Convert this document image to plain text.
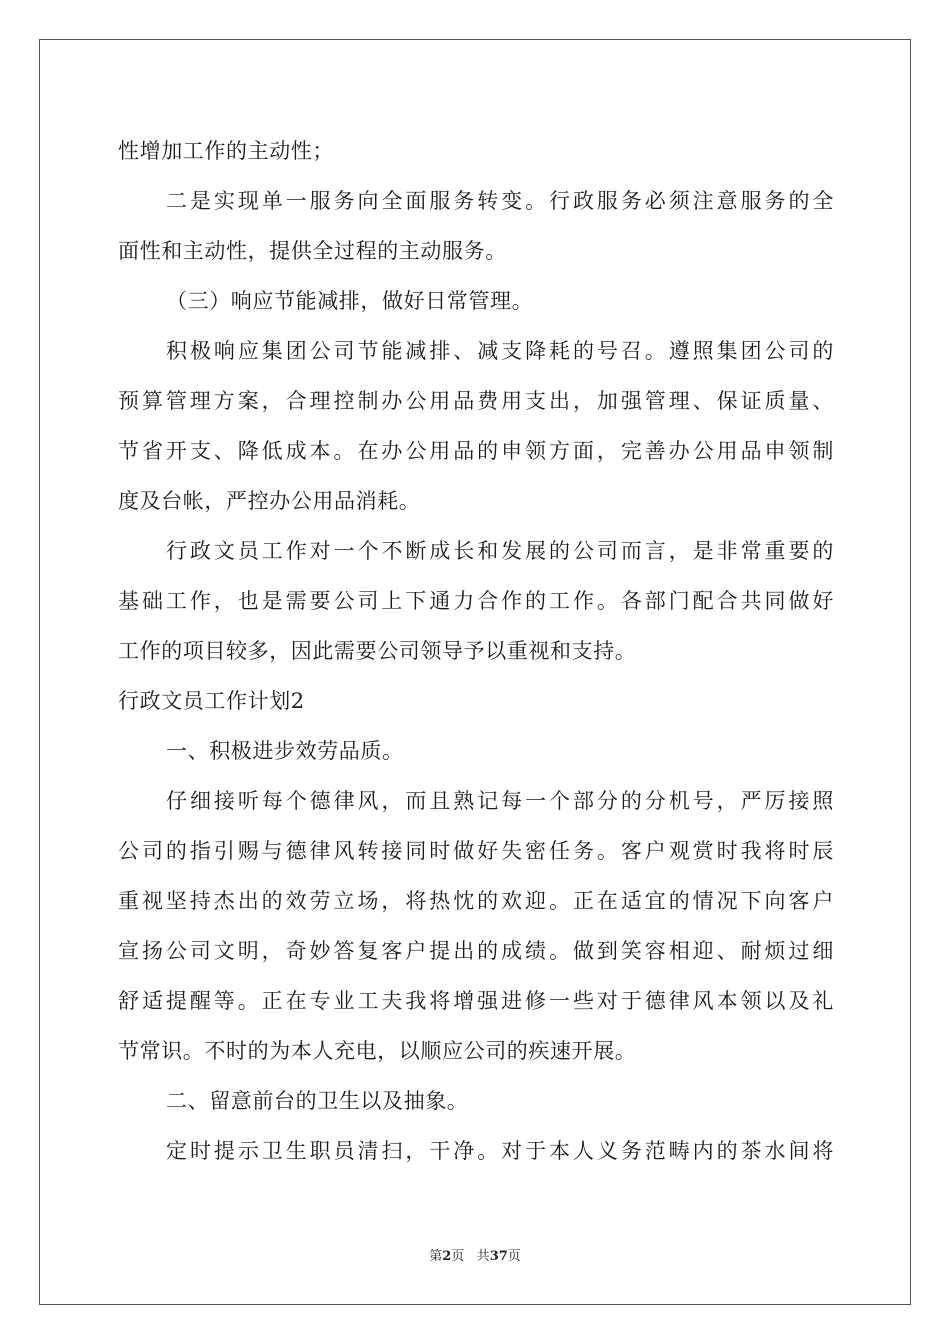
性增加工作的主动性；
二是实现单一服务向全面服务转变。行政服务必须注意服务的全
面性和主动性，提供全过程的主动服务。
（三）响应节能减排，做好日常管理。
积极响应集团公司节能减排、减支降耗的号召。遵照集团公司的
预算管理方案，合理控制办公用品费用支出，加强管理、保证质量、
节省开支、降低成本。在办公用品的申领方面，完善办公用品申领制
度及台帐，严控办公用品消耗。
行政文员工作对一个不断成长和发展的公司而言，是非常重要的
基础工作，也是需要公司上下通力合作的工作。各部门配合共同做好
工作的项目较多，因此需要公司领导予以重视和支持。
行政文员工作计划2
一、积极进步效劳品质。
仔细接听每个德律风，而且熟记每一个部分的分机号，严厉接照
公司的指引赐与德律风转接同时做好失密任务。客户观赏时我将时辰
重视坚持杰出的效劳立场，将热忱的欢迎。正在适宜的情况下向客户
宣扬公司文明，奇妙答复客户提出的成绩。做到笑容相迎、耐烦过细
舒适提醒等。正在专业工夫我将增强进修一些对于德律风本领以及礼
节常识。不时的为本人充电，以顺应公司的疾速开展。
二、留意前台的卫生以及抽象。
定时提示卫生职员清扫，干净。对于本人义务范畴内的茶水间将
第2页 共37页
